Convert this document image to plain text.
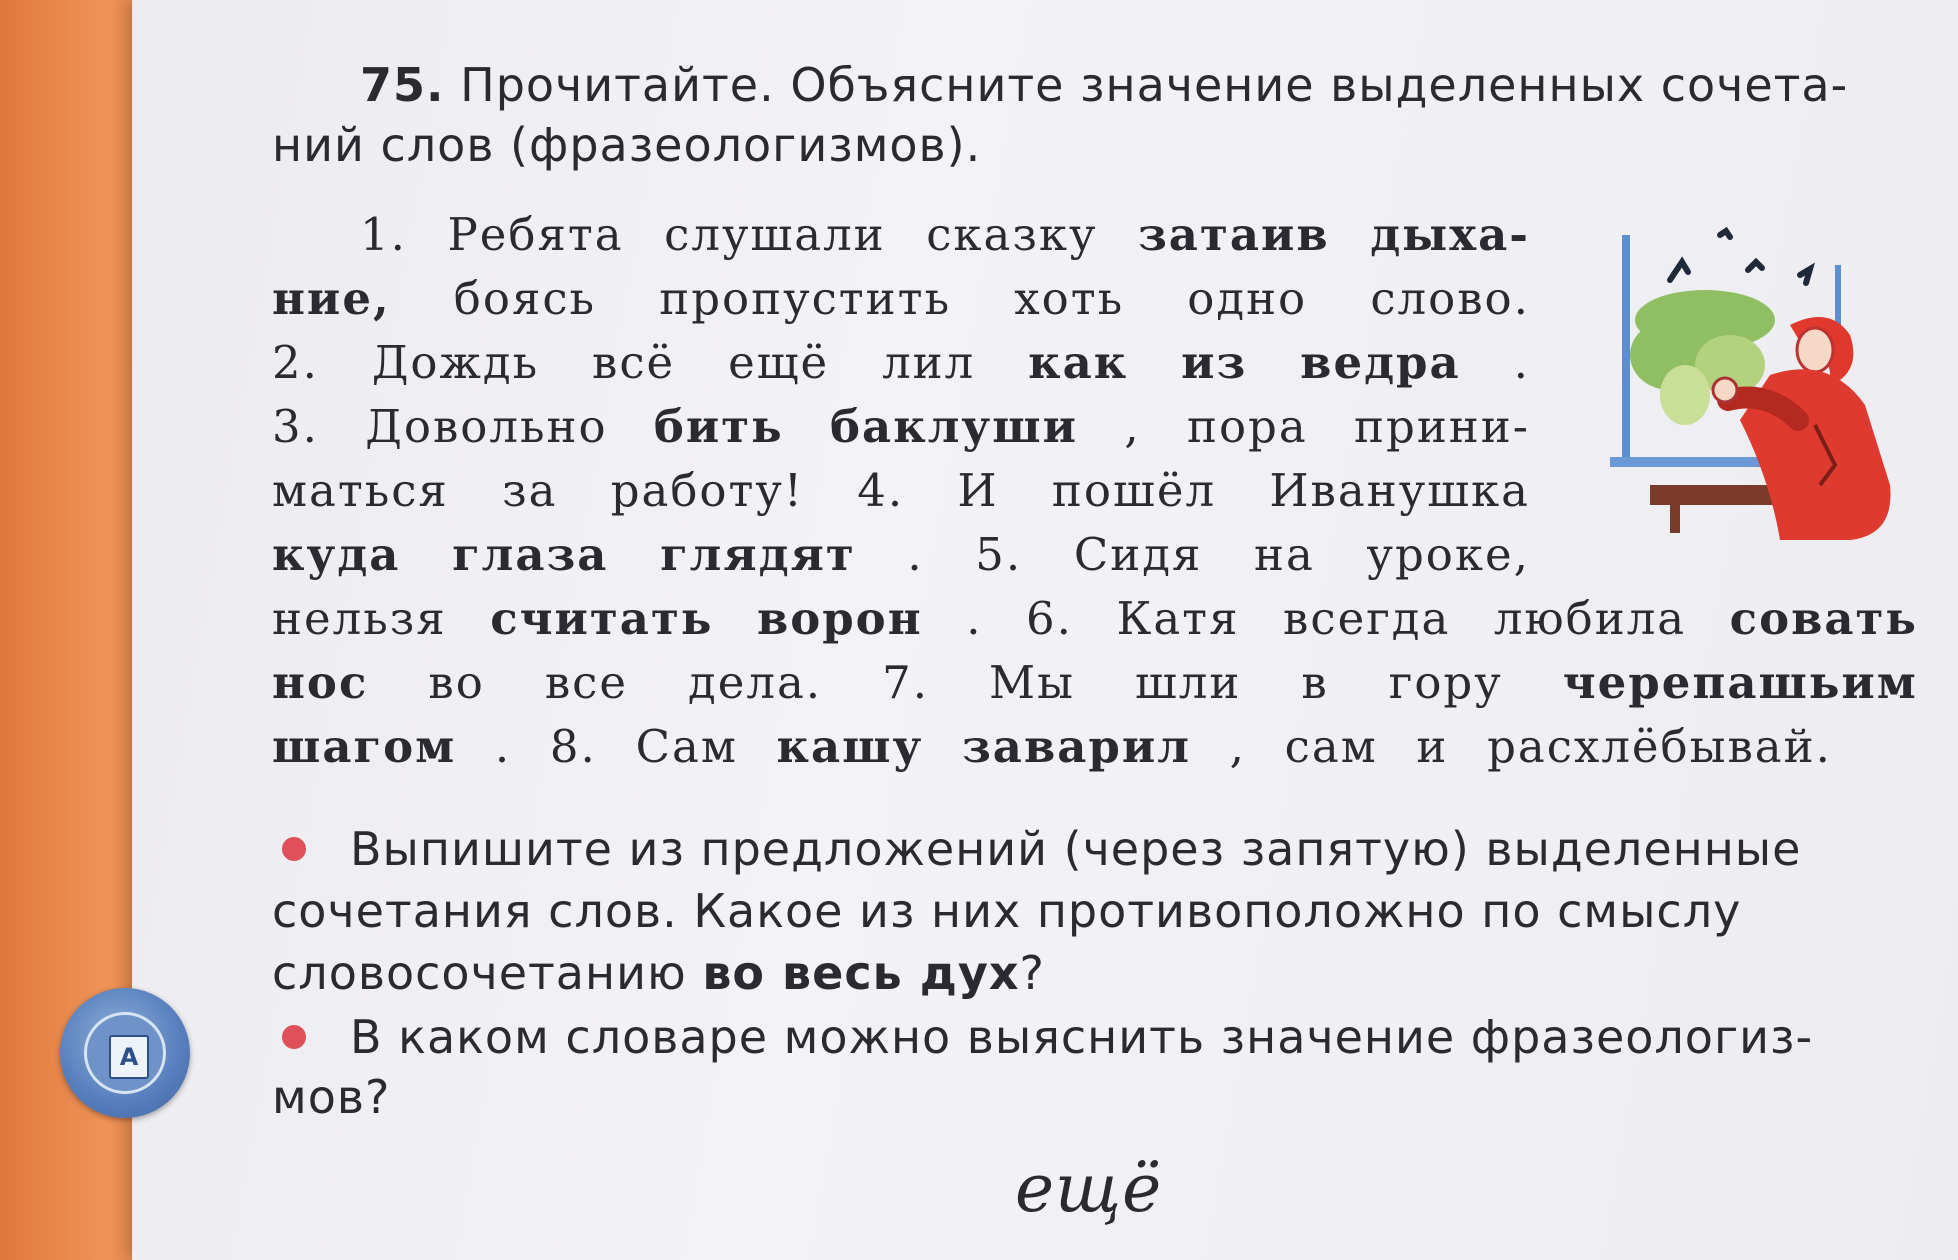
75. Прочитайте. Объясните значение выделенных сочета-
ний слов (фразеологизмов).
1. Ребята слушали сказку затаив дыха-
ние, боясь пропустить хоть одно слово.
2. Дождь всё ещё лил как из ведра .
3. Довольно бить баклуши , пора прини-
маться за работу! 4. И пошёл Иванушка
куда глаза глядят . 5. Сидя на уроке,
нельзя считать ворон . 6. Катя всегда любила совать
нос во все дела. 7. Мы шли в гору черепашьим
шагом . 8. Сам кашу заварил , сам и расхлёбывай.
Выпишите из предложений (через запятую) выделенные
сочетания слов. Какое из них противоположно по смыслу
словосочетанию во весь дух?
В каком словаре можно выяснить значение фразеологиз-
мов?
А
ещё
